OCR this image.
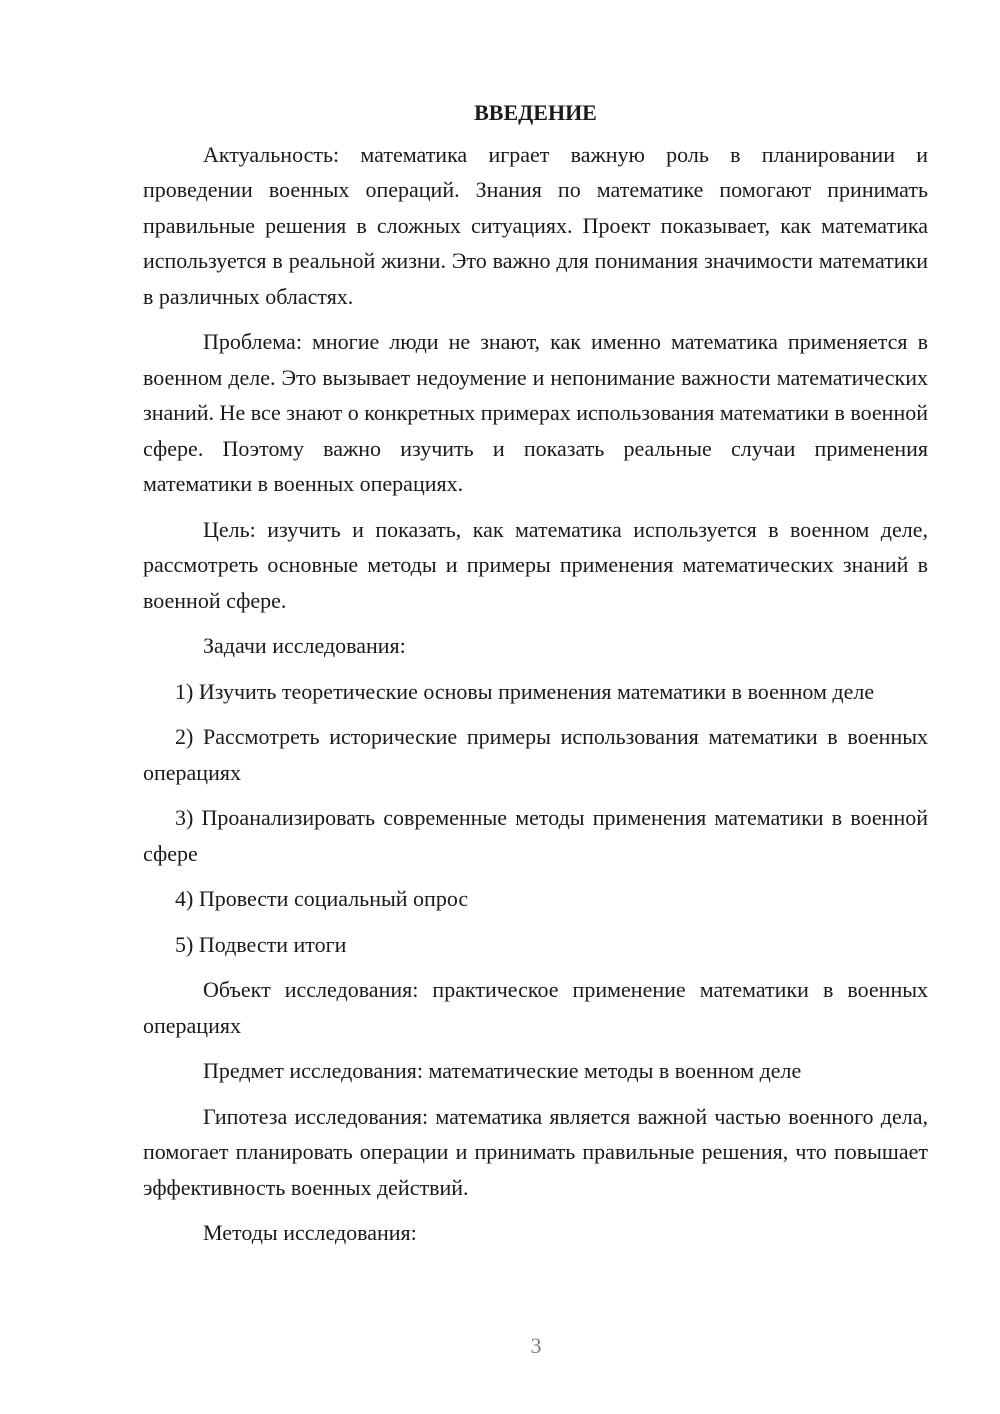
ВВЕДЕНИЕ

Актуальность: математика играет важную роль в планировании и проведении военных операций. Знания по математике помогают принимать правильные решения в сложных ситуациях. Проект показывает, как математика используется в реальной жизни. Это важно для понимания значимости математики в различных областях.

Проблема: многие люди не знают, как именно математика применяется в военном деле. Это вызывает недоумение и непонимание важности математических знаний. Не все знают о конкретных примерах использования математики в военной сфере. Поэтому важно изучить и показать реальные случаи применения математики в военных операциях.

Цель: изучить и показать, как математика используется в военном деле, рассмотреть основные методы и примеры применения математических знаний в военной сфере.

Задачи исследования:

1) Изучить теоретические основы применения математики в военном деле

2) Рассмотреть исторические примеры использования математики в военных операциях

3) Проанализировать современные методы применения математики в военной сфере

4) Провести социальный опрос

5) Подвести итоги

Объект исследования: практическое применение математики в военных операциях

Предмет исследования: математические методы в военном деле

Гипотеза исследования: математика является важной частью военного дела, помогает планировать операции и принимать правильные решения, что повышает эффективность военных действий.

Методы исследования:

3
